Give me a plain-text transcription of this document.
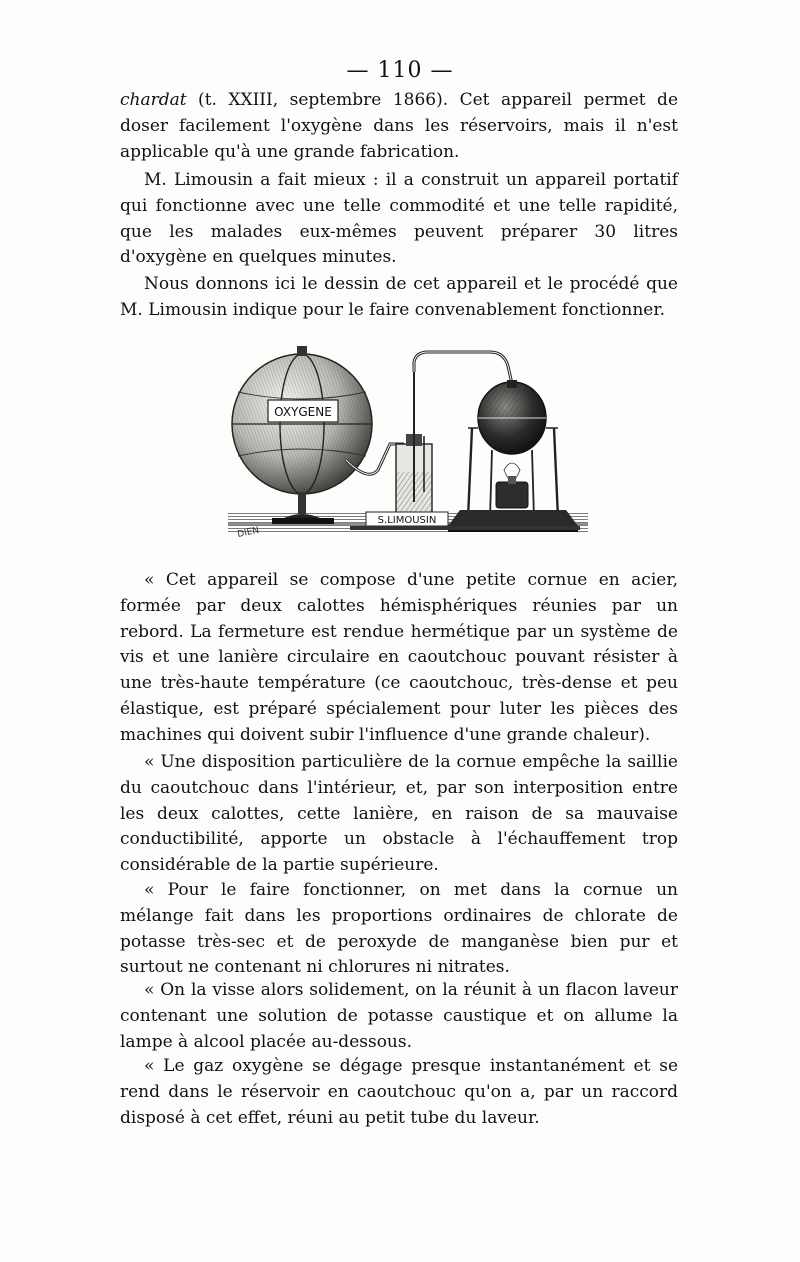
— 110 —

chardat (t. XXIII, septembre 1866). Cet appareil permet de doser facilement l'oxygène dans les réservoirs, mais il n'est applicable qu'à une grande fabrication.

M. Limousin a fait mieux : il a construit un appareil portatif qui fonctionne avec une telle commodité et une telle rapidité, que les malades eux-mêmes peuvent préparer 30 litres d'oxygène en quelques minutes.

Nous donnons ici le dessin de cet appareil et le procédé que M. Limousin indique pour le faire convenablement fonctionner.

OXYGENE
S.LIMOUSIN
DIEN

« Cet appareil se compose d'une petite cornue en acier, formée par deux calottes hémisphériques réunies par un rebord. La fermeture est rendue hermétique par un système de vis et une lanière circulaire en caoutchouc pouvant résister à une très-haute température (ce caoutchouc, très-dense et peu élastique, est préparé spécialement pour luter les pièces des machines qui doivent subir l'influence d'une grande chaleur).

« Une disposition particulière de la cornue empêche la saillie du caoutchouc dans l'intérieur, et, par son interposition entre les deux calottes, cette lanière, en raison de sa mauvaise conductibilité, apporte un obstacle à l'échauffement trop considérable de la partie supérieure.

« Pour le faire fonctionner, on met dans la cornue un mélange fait dans les proportions ordinaires de chlorate de potasse très-sec et de peroxyde de manganèse bien pur et surtout ne contenant ni chlorures ni nitrates.

« On la visse alors solidement, on la réunit à un flacon laveur contenant une solution de potasse caustique et on allume la lampe à alcool placée au-dessous.

« Le gaz oxygène se dégage presque instantanément et se rend dans le réservoir en caoutchouc qu'on a, par un raccord disposé à cet effet, réuni au petit tube du laveur.
